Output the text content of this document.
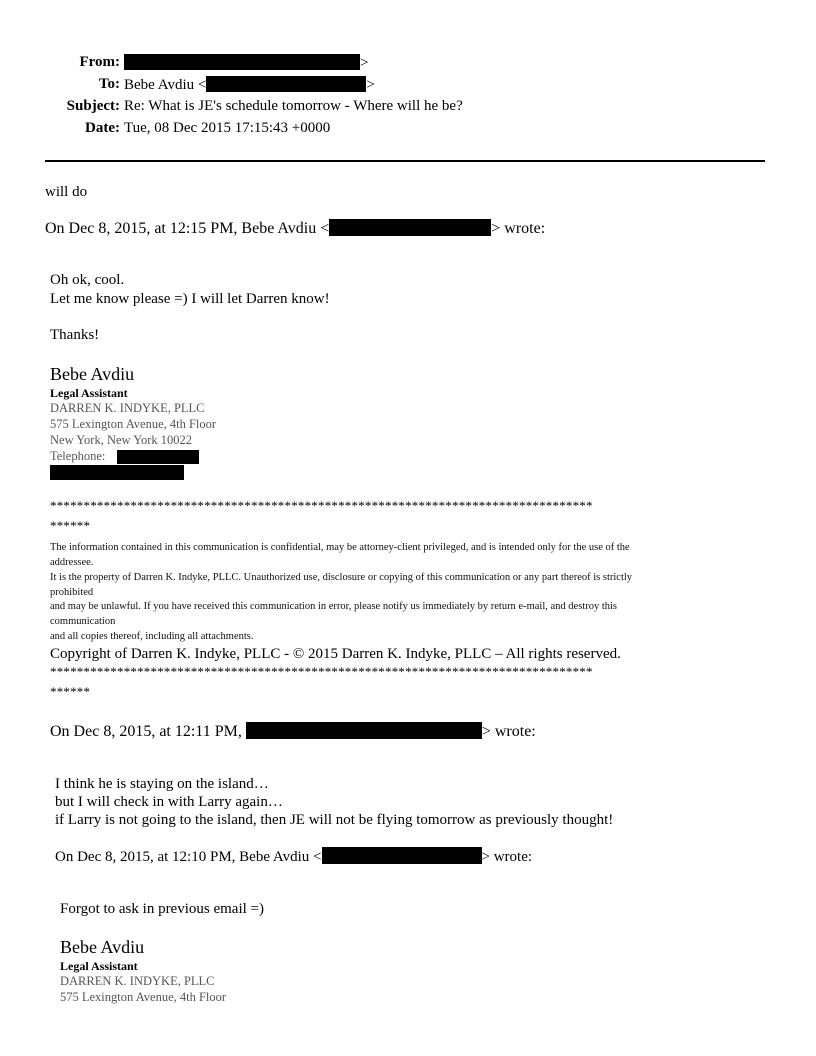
From:	>
To: Bebe Avdiu <	>
Subject: Re: What is JE's schedule tomorrow - Where will he be?
Date: Tue, 08 Dec 2015 17:15:43 +0000
will do
On Dec 8, 2015, at 12:15 PM, Bebe Avdiu <	> wrote:
Oh ok, cool.
Let me know please =) I will let Darren know!
Thanks!
Bebe Avdiu
Legal Assistant
DARREN K. INDYKE, PLLC
575 Lexington Avenue, 4th Floor
New York, New York 10022
Telephone:
*********************************************************************************
******
The information contained in this communication is confidential, may be attorney-client privileged, and is intended only for the use of the
addressee.
It is the property of Darren K. Indyke, PLLC. Unauthorized use, disclosure or copying of this communication or any part thereof is strictly
prohibited
and may be unlawful. If you have received this communication in error, please notify us immediately by return e-mail, and destroy this
communication
and all copies thereof, including all attachments.
Copyright of Darren K. Indyke, PLLC - © 2015 Darren K. Indyke, PLLC – All rights reserved.
*********************************************************************************
******
On Dec 8, 2015, at 12:11 PM,	> wrote:
I think he is staying on the island…
but I will check in with Larry again…
if Larry is not going to the island, then JE will not be flying tomorrow as previously thought!
On Dec 8, 2015, at 12:10 PM, Bebe Avdiu <	> wrote:
Forgot to ask in previous email =)
Bebe Avdiu
Legal Assistant
DARREN K. INDYKE, PLLC
575 Lexington Avenue, 4th Floor
